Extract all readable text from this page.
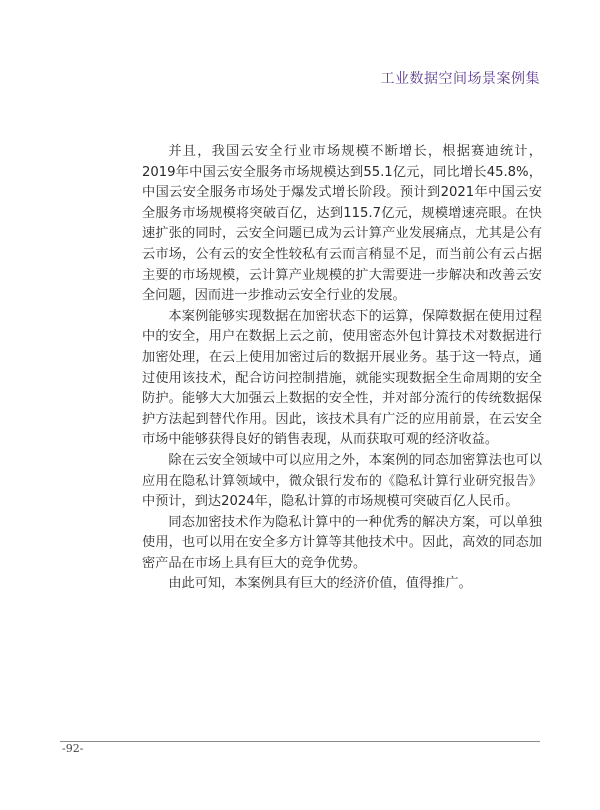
工业数据空间场景案例集

并且，我国云安全行业市场规模不断增长，根据赛迪统计，2019年中国云安全服务市场规模达到55.1亿元，同比增长45.8%，中国云安全服务市场处于爆发式增长阶段。预计到2021年中国云安全服务市场规模将突破百亿，达到115.7亿元，规模增速亮眼。在快速扩张的同时，云安全问题已成为云计算产业发展痛点，尤其是公有云市场，公有云的安全性较私有云而言稍显不足，而当前公有云占据主要的市场规模，云计算产业规模的扩大需要进一步解决和改善云安全问题，因而进一步推动云安全行业的发展。

本案例能够实现数据在加密状态下的运算，保障数据在使用过程中的安全，用户在数据上云之前，使用密态外包计算技术对数据进行加密处理，在云上使用加密过后的数据开展业务。基于这一特点，通过使用该技术，配合访问控制措施，就能实现数据全生命周期的安全防护。能够大大加强云上数据的安全性，并对部分流行的传统数据保护方法起到替代作用。因此，该技术具有广泛的应用前景，在云安全市场中能够获得良好的销售表现，从而获取可观的经济收益。

除在云安全领域中可以应用之外，本案例的同态加密算法也可以应用在隐私计算领域中，微众银行发布的《隐私计算行业研究报告》中预计，到达2024年，隐私计算的市场规模可突破百亿人民币。

同态加密技术作为隐私计算中的一种优秀的解决方案，可以单独使用，也可以用在安全多方计算等其他技术中。因此，高效的同态加密产品在市场上具有巨大的竞争优势。

由此可知，本案例具有巨大的经济价值，值得推广。

-92-
